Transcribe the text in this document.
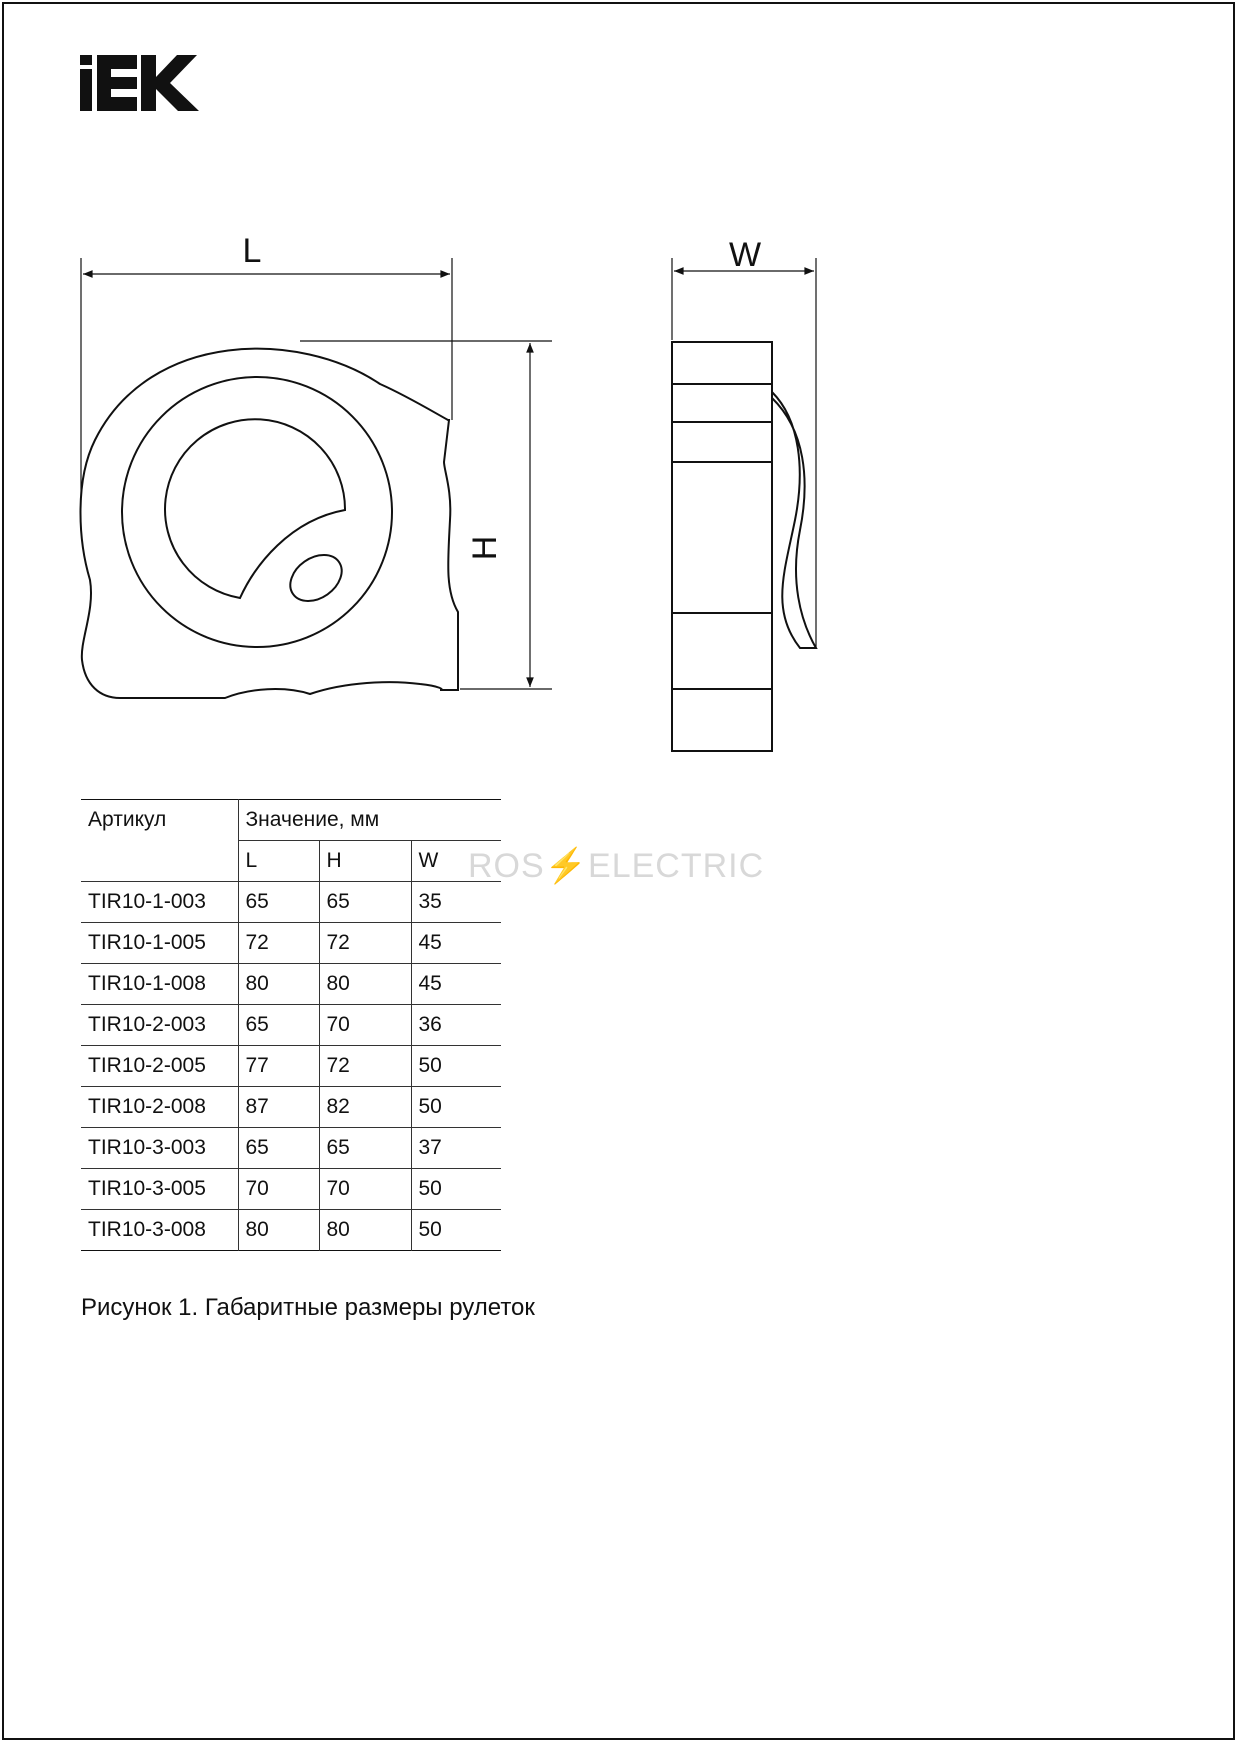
L
H
W
ROS⚡ELECTRIC
Артикул	Значение, мм		
	L	H	W
TIR10-1-003	65	65	35
TIR10-1-005	72	72	45
TIR10-1-008	80	80	45
TIR10-2-003	65	70	36
TIR10-2-005	77	72	50
TIR10-2-008	87	82	50
TIR10-3-003	65	65	37
TIR10-3-005	70	70	50
TIR10-3-008	80	80	50
Рисунок 1. Габаритные размеры рулеток
